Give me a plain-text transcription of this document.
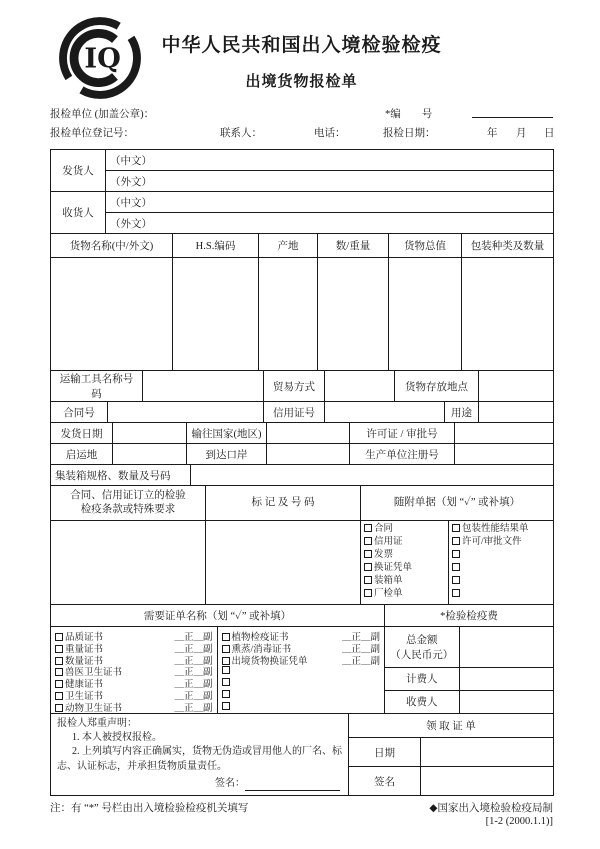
IQ	中华人民共和国出入境检验检疫
出境货物报检单
报检单位 (加盖公章)：	*编　　号
报检单位登记号：	联系人：	电话：	报检日期：	年 月 日
发货人	（中文）
	（外文）
收货人	（中文）
	（外文）
货物名称(中/外文)	H.S.编码	产地	数/重量	货物总值	包装种类及数量

运输工具名称号码		贸易方式		货物存放地点	
合同号		信用证号		用途	
发货日期		输往国家(地区)		许可证 / 审批号	
启运地		到达口岸		生产单位注册号	
集装箱规格、数量及号码	
合同、信用证订立的检验
检疫条款或特殊要求	标 记 及 号 码	随附单据（划 “✓” 或补填）

合同
信用证
发票
换证凭单
装箱单
厂检单
包装性能结果单
许可/审批文件
需要证单名称（划 “✓” 或补填）	*检验检疫费

品质证书	＿正＿副
重量证书	＿正＿副
数量证书	＿正＿副
兽医卫生证书	＿正＿副
健康证书	＿正＿副
卫生证书	＿正＿副
动物卫生证书	＿正＿副
植物检疫证书	＿正＿副
熏蒸/消毒证书	＿正＿副
出境货物换证凭单	＿正＿副

总金额
（人民币元）	
计费人	
收费人	

报检人郑重声明：

1. 本人被授权报检。

2. 上列填写内容正确属实，货物无伪造或冒用他人的厂名、标志、认证标志，并承担货物质量责任。

签名：	领 取 证 单	
	日期	
	签名	
注：有 “*” 号栏由出入境检验检疫机关填写	◆国家出入境检验检疫局制
[1-2 (2000.1.1)]
